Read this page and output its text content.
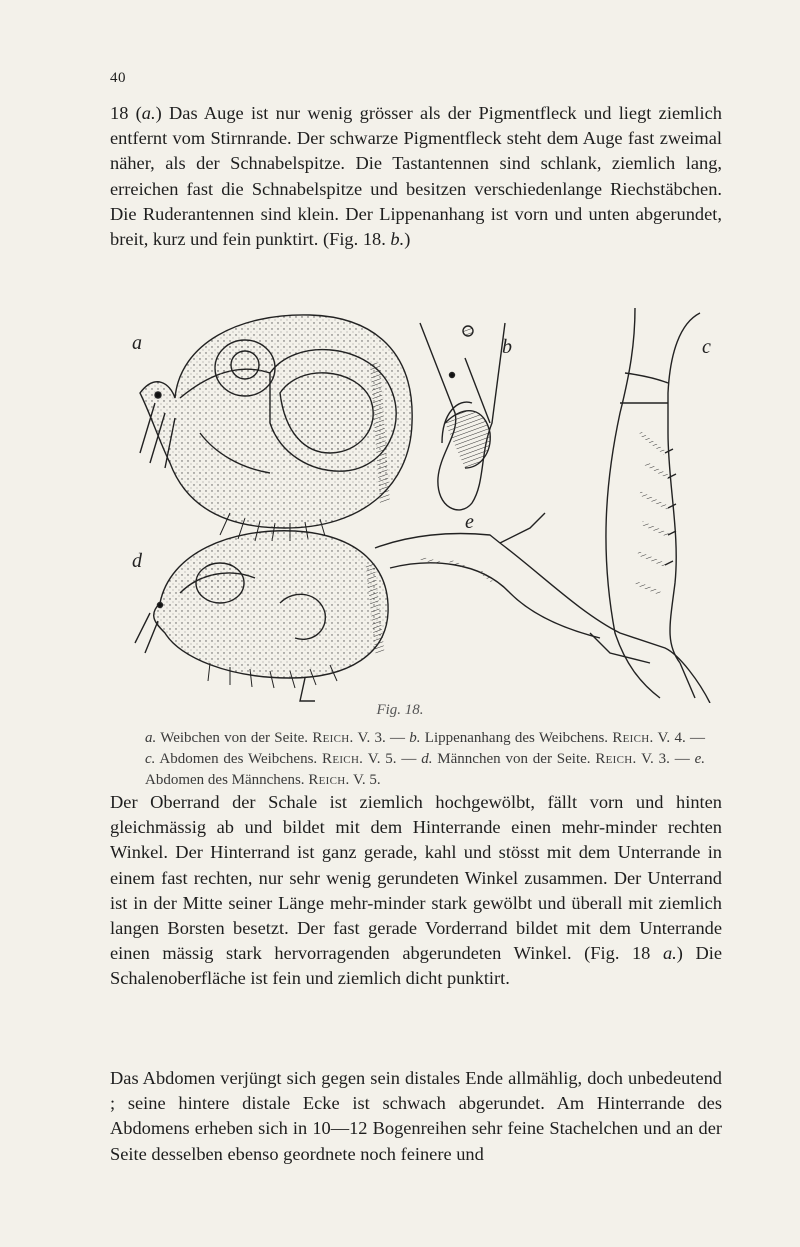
40

18 (a.) Das Auge ist nur wenig grösser als der Pigmentfleck und liegt ziemlich entfernt vom Stirnrande. Der schwarze Pigmentfleck steht dem Auge fast zweimal näher, als der Schnabelspitze. Die Tastantennen sind schlank, ziemlich lang, erreichen fast die Schnabelspitze und besitzen verschiedenlange Riechstäbchen. Die Ruderantennen sind klein. Der Lippenanhang ist vorn und unten abgerundet, breit, kurz und fein punktirt. (Fig. 18. b.)

a	b	c
d
e
Fig. 18.
a. Weibchen von der Seite. Reich. V. 3. — b. Lippenanhang des Weibchens. Reich. V. 4. — c. Abdomen des Weibchens. Reich. V. 5. — d. Männchen von der Seite. Reich. V. 3. — e. Abdomen des Männchens. Reich. V. 5.

Der Oberrand der Schale ist ziemlich hochgewölbt, fällt vorn und hinten gleichmässig ab und bildet mit dem Hinterrande einen mehr-minder rechten Winkel. Der Hinterrand ist ganz gerade, kahl und stösst mit dem Unterrande in einem fast rechten, nur sehr wenig gerundeten Winkel zusammen. Der Unterrand ist in der Mitte seiner Länge mehr-minder stark gewölbt und überall mit ziemlich langen Borsten besetzt. Der fast gerade Vorderrand bildet mit dem Unterrande einen mässig stark hervorragenden abgerundeten Winkel. (Fig. 18 a.) Die Schalenoberfläche ist fein und ziemlich dicht punktirt.

Das Abdomen verjüngt sich gegen sein distales Ende allmählig, doch unbedeutend ; seine hintere distale Ecke ist schwach abgerundet. Am Hinterrande des Abdomens erheben sich in 10—12 Bogenreihen sehr feine Stachelchen und an der Seite desselben ebenso geordnete noch feinere und
